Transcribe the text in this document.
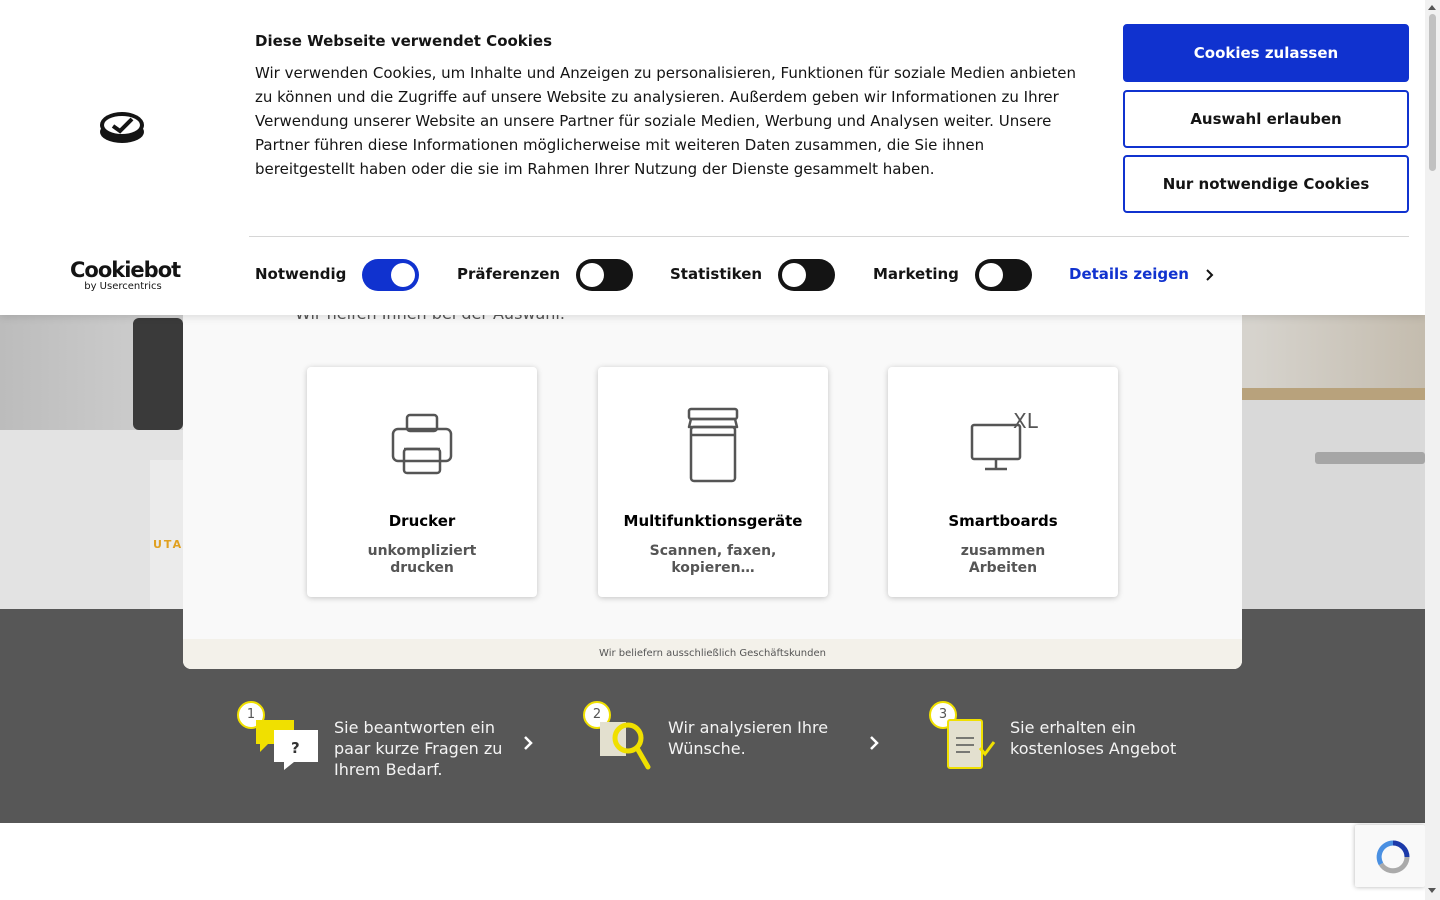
UTA
Drucker
unkompliziert drucken
Multifunktionsgeräte
Scannen, faxen, kopieren…
XL
Smartboards
zusammen Arbeiten
Wir beliefern ausschließlich Geschäftskunden
1
?
Sie beantworten ein paar kurze Fragen zu Ihrem Bedarf.
2
Wir analysieren Ihre Wünsche.
3
Sie erhalten ein kostenloses Angebot
Cookiebot
by Usercentrics
Diese Webseite verwendet Cookies
Wir verwenden Cookies, um Inhalte und Anzeigen zu personalisieren, Funktionen für soziale Medien anbieten zu können und die Zugriffe auf unsere Website zu analysieren. Außerdem geben wir Informationen zu Ihrer Verwendung unserer Website an unsere Partner für soziale Medien, Werbung und Analysen weiter. Unsere Partner führen diese Informationen möglicherweise mit weiteren Daten zusammen, die Sie ihnen bereitgestellt haben oder die sie im Rahmen Ihrer Nutzung der Dienste gesammelt haben.
Cookies zulassen
Auswahl erlauben
Nur notwendige Cookies
Notwendig	Präferenzen	Statistiken	Marketing	Details zeigen
